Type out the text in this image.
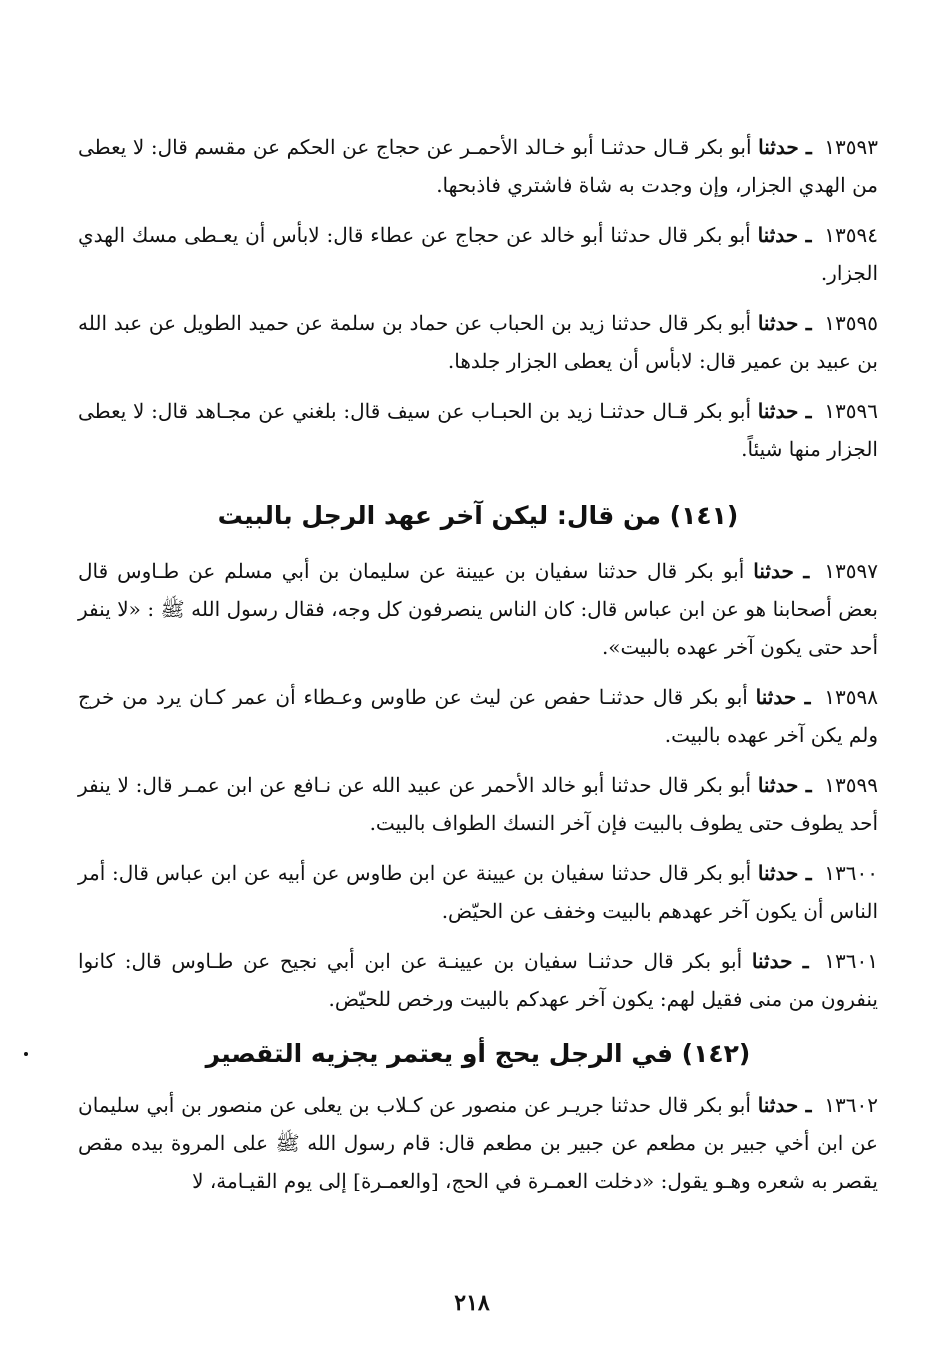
١٣٥٩٣ ـ حدثنا أبو بكر قـال حدثنـا أبو خـالد الأحمـر عن حجاج عن الحكم عن مقسم قال: لا يعطى من الهدي الجزار، وإن وجدت به شاة فاشتري فاذبحها.
١٣٥٩٤ ـ حدثنا أبو بكر قال حدثنا أبو خالد عن حجاج عن عطاء قال: لابأس أن يعـطى مسك الهدي الجزار.
١٣٥٩٥ ـ حدثنا أبو بكر قال حدثنا زيد بن الحباب عن حماد بن سلمة عن حميد الطويل عن عبد الله بن عبيد بن عمير قال: لابأس أن يعطى الجزار جلدها.
١٣٥٩٦ ـ حدثنا أبو بكر قـال حدثنـا زيد بن الحبـاب عن سيف قال: بلغني عن مجـاهد قال: لا يعطى الجزار منها شيئاً.
(١٤١) من قال: ليكن آخر عهد الرجل بالبيت
١٣٥٩٧ ـ حدثنا أبو بكر قال حدثنا سفيان بن عيينة عن سليمان بن أبي مسلم عن طـاوس قال بعض أصحابنا هو عن ابن عباس قال: كان الناس ينصرفون كل وجه، فقال رسول الله ﷺ : «لا ينفر أحد حتى يكون آخر عهده بالبيت».
١٣٥٩٨ ـ حدثنا أبو بكر قال حدثنـا حفص عن ليث عن طاوس وعـطاء أن عمر كـان يرد من خرج ولم يكن آخر عهده بالبيت.
١٣٥٩٩ ـ حدثنا أبو بكر قال حدثنا أبو خالد الأحمر عن عبيد الله عن نـافع عن ابن عمـر قال: لا ينفر أحد يطوف حتى يطوف بالبيت فإن آخر النسك الطواف بالبيت.
١٣٦٠٠ ـ حدثنا أبو بكر قال حدثنا سفيان بن عيينة عن ابن طاوس عن أبيه عن ابن عباس قال: أمر الناس أن يكون آخر عهدهم بالبيت وخفف عن الحيّض.
١٣٦٠١ ـ حدثنا أبو بكر قال حدثنـا سفيان بن عيينـة عن ابن أبي نجيح عن طـاوس قال: كانوا ينفرون من منى فقيل لهم: يكون آخر عهدكم بالبيت ورخص للحيّض.
(١٤٢) في الرجل يحج أو يعتمر يجزيه التقصير
١٣٦٠٢ ـ حدثنا أبو بكر قال حدثنا جريـر عن منصور عن كـلاب بن يعلى عن منصور بن أبي سليمان عن ابن أخي جبير بن مطعم عن جبير بن مطعم قال: قام رسول الله ﷺ على المروة بيده مقص يقصر به شعره وهـو يقول: «دخلت العمـرة في الحج، [والعمـرة] إلى يوم القيـامة، لا
٢١٨
